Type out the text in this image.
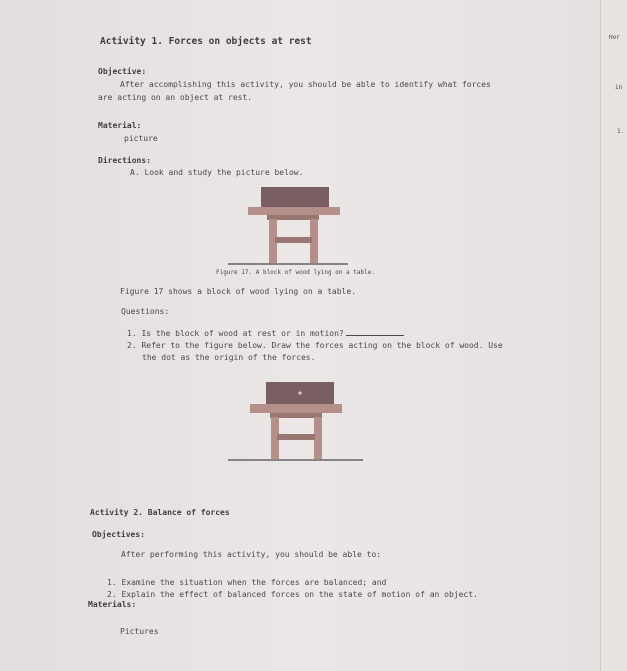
Activity 1. Forces on objects at rest
Objective:
After accomplishing this activity, you should be able to identify what forces
are acting on an object at rest.
Material:
picture
Directions:
A. Look and study the picture below.
Figure 17. A block of wood lying on a table.
Figure 17 shows a block of wood lying on a table.
Questions:
1. Is the block of wood at rest or in motion?
2. Refer to the figure below. Draw the forces acting on the block of wood. Use
the dot as the origin of the forces.
Activity 2. Balance of forces
Objectives:
After performing this activity, you should be able to:
1. Examine the situation when the forces are balanced; and
2. Explain the effect of balanced forces on the state of motion of an object.
Materials:
Pictures
Hor
in
1.
